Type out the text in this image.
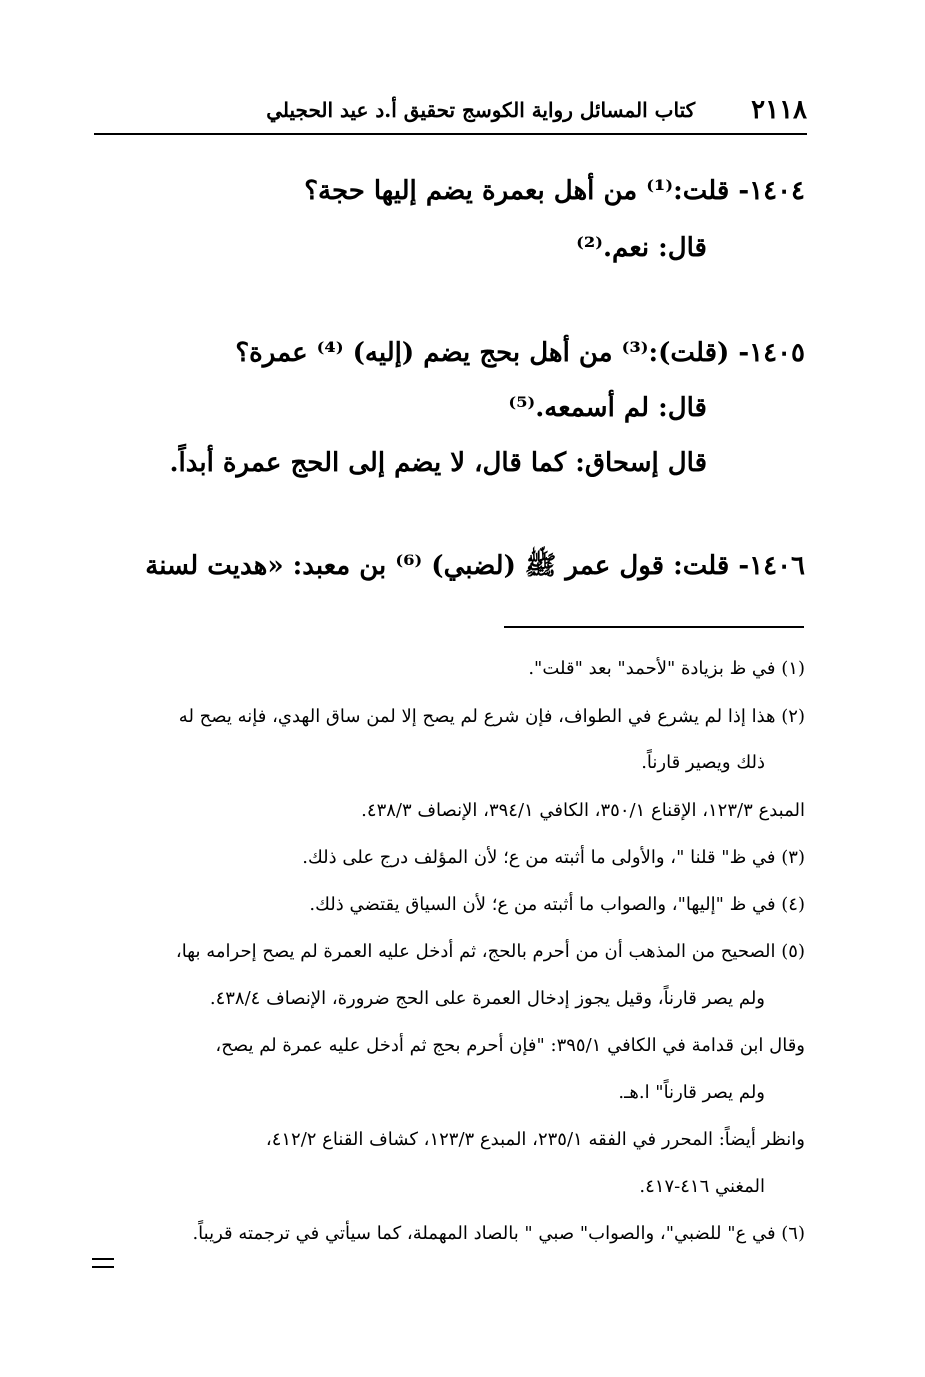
٢١١٨
كتاب المسائل رواية الكوسج تحقيق أ.د عيد الحجيلي
١٤٠٤- قلت:⁽¹⁾ من أهل بعمرة يضم إليها حجة؟
قال: نعم.⁽²⁾
١٤٠٥- (قلت):⁽³⁾ من أهل بحج يضم (إليه) ⁽⁴⁾ عمرة؟
قال: لم أسمعه.⁽⁵⁾
قال إسحاق: كما قال، لا يضم إلى الحج عمرة أبداً.
١٤٠٦- قلت: قول عمر ﷺ (لضبي) ⁽⁶⁾ بن معبد: «هديت لسنة
(١) في ظ بزيادة "لأحمد" بعد "قلت".
(٢) هذا إذا لم يشرع في الطواف، فإن شرع لم يصح إلا لمن ساق الهدي، فإنه يصح له
ذلك ويصير قارناً.
المبدع ١٢٣/٣، الإقناع ٣٥٠/١، الكافي ٣٩٤/١، الإنصاف ٤٣٨/٣.
(٣) في ظ" قلنا "، والأولى ما أثبته من ع؛ لأن المؤلف درج على ذلك.
(٤) في ظ "إليها"، والصواب ما أثبته من ع؛ لأن السياق يقتضي ذلك.
(٥) الصحيح من المذهب أن من أحرم بالحج، ثم أدخل عليه العمرة لم يصح إحرامه بها،
ولم يصر قارناً، وقيل يجوز إدخال العمرة على الحج ضرورة، الإنصاف ٤٣٨/٤.
وقال ابن قدامة في الكافي ٣٩٥/١: "فإن أحرم بحج ثم أدخل عليه عمرة لم يصح،
ولم يصر قارناً" ا.هـ.
وانظر أيضاً: المحرر في الفقه ٢٣٥/١، المبدع ١٢٣/٣، كشاف القناع ٤١٢/٢،
المغني ٤١٦-٤١٧.
(٦) في ع" للضبي"، والصواب" صبي " بالصاد المهملة، كما سيأتي في ترجمته قريباً.
